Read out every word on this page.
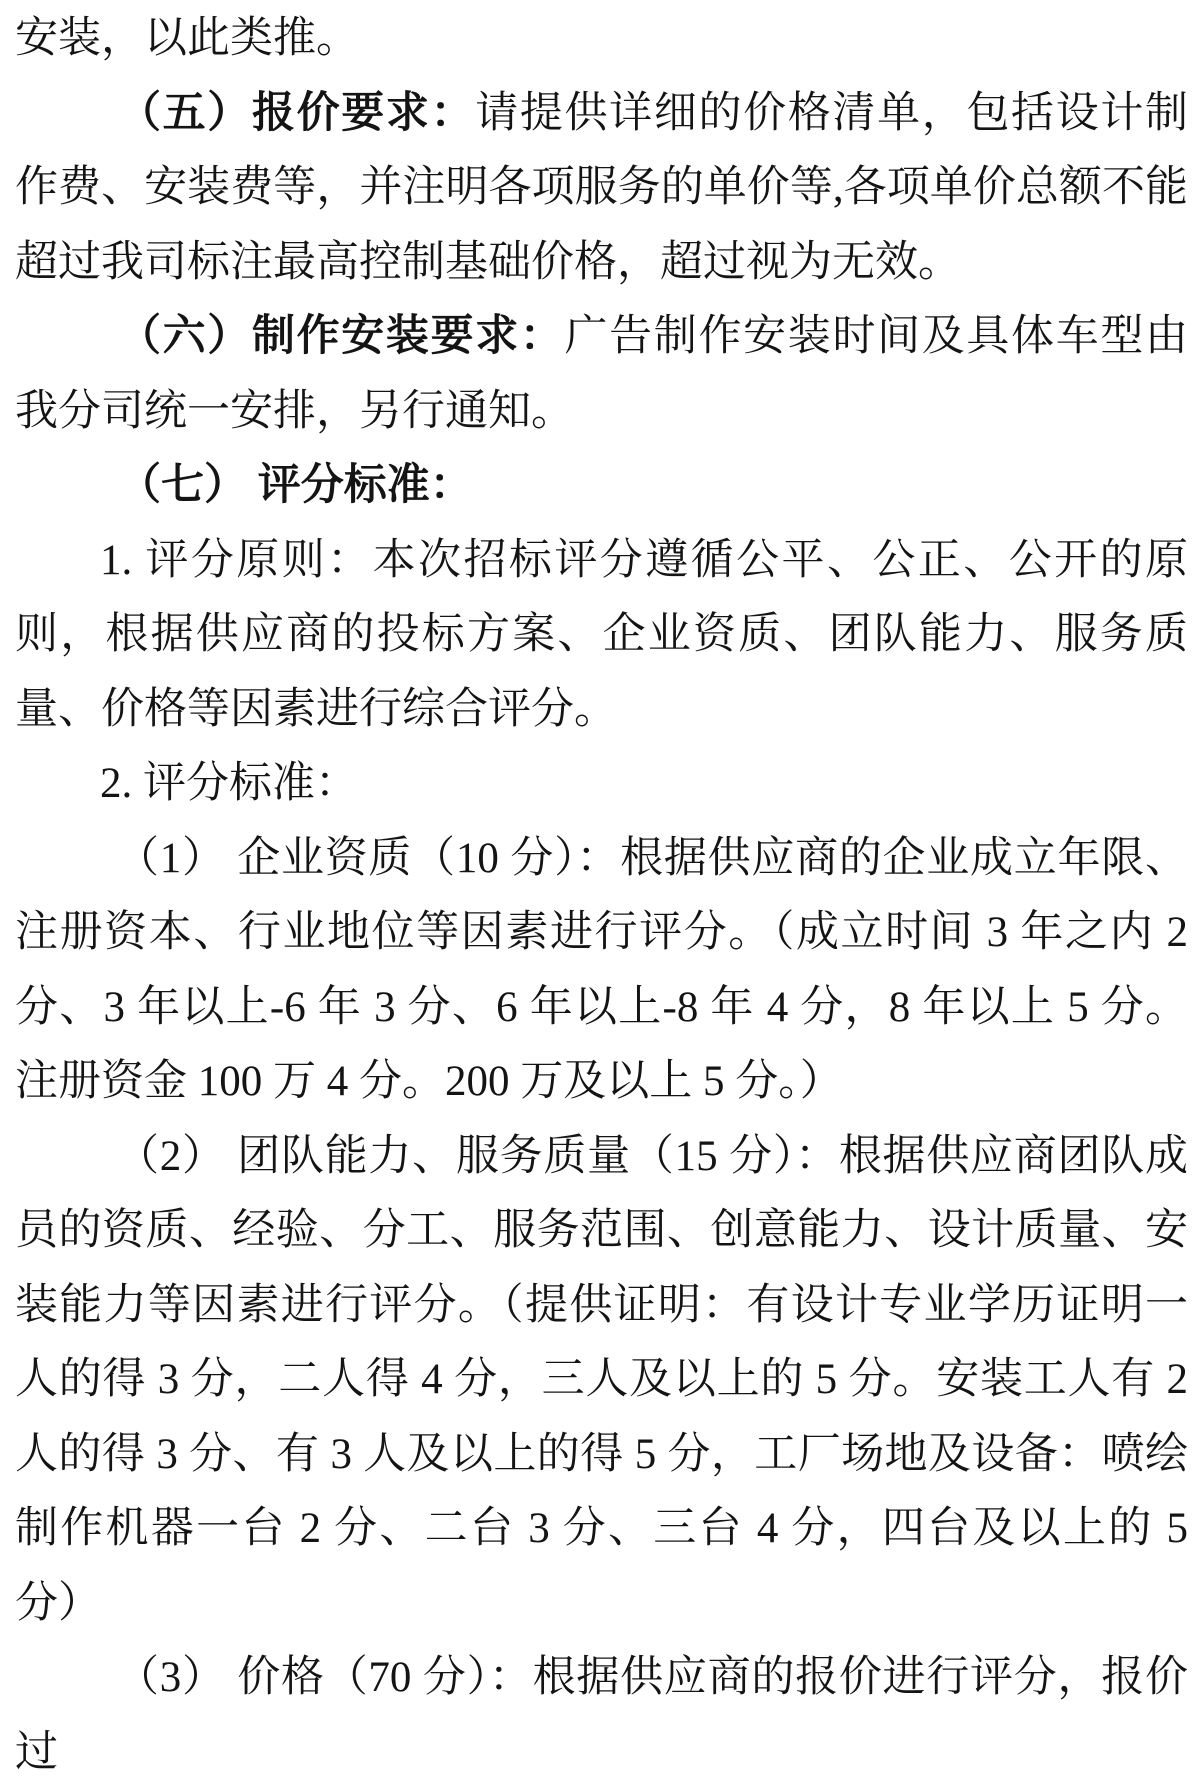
安装，以此类推。

（五）报价要求：请提供详细的价格清单，包括设计制作费、安装费等，并注明各项服务的单价等,各项单价总额不能超过我司标注最高控制基础价格，超过视为无效。

（六）制作安装要求：广告制作安装时间及具体车型由我分司统一安排，另行通知。

（七） 评分标准：

1. 评分原则：本次招标评分遵循公平、公正、公开的原则，根据供应商的投标方案、企业资质、团队能力、服务质量、价格等因素进行综合评分。

2. 评分标准：

（1） 企业资质（10 分）：根据供应商的企业成立年限、注册资本、行业地位等因素进行评分。（成立时间 3 年之内 2 分、3 年以上-6 年 3 分、6 年以上-8 年 4 分，8 年以上 5 分。注册资金 100 万 4 分。200 万及以上 5 分。）

（2） 团队能力、服务质量（15 分）：根据供应商团队成员的资质、经验、分工、服务范围、创意能力、设计质量、安装能力等因素进行评分。（提供证明：有设计专业学历证明一人的得 3 分，二人得 4 分，三人及以上的 5 分。安装工人有 2 人的得 3 分、有 3 人及以上的得 5 分，工厂场地及设备：喷绘制作机器一台 2 分、二台 3 分、三台 4 分，四台及以上的 5 分）

（3） 价格（70 分）：根据供应商的报价进行评分，报价过
